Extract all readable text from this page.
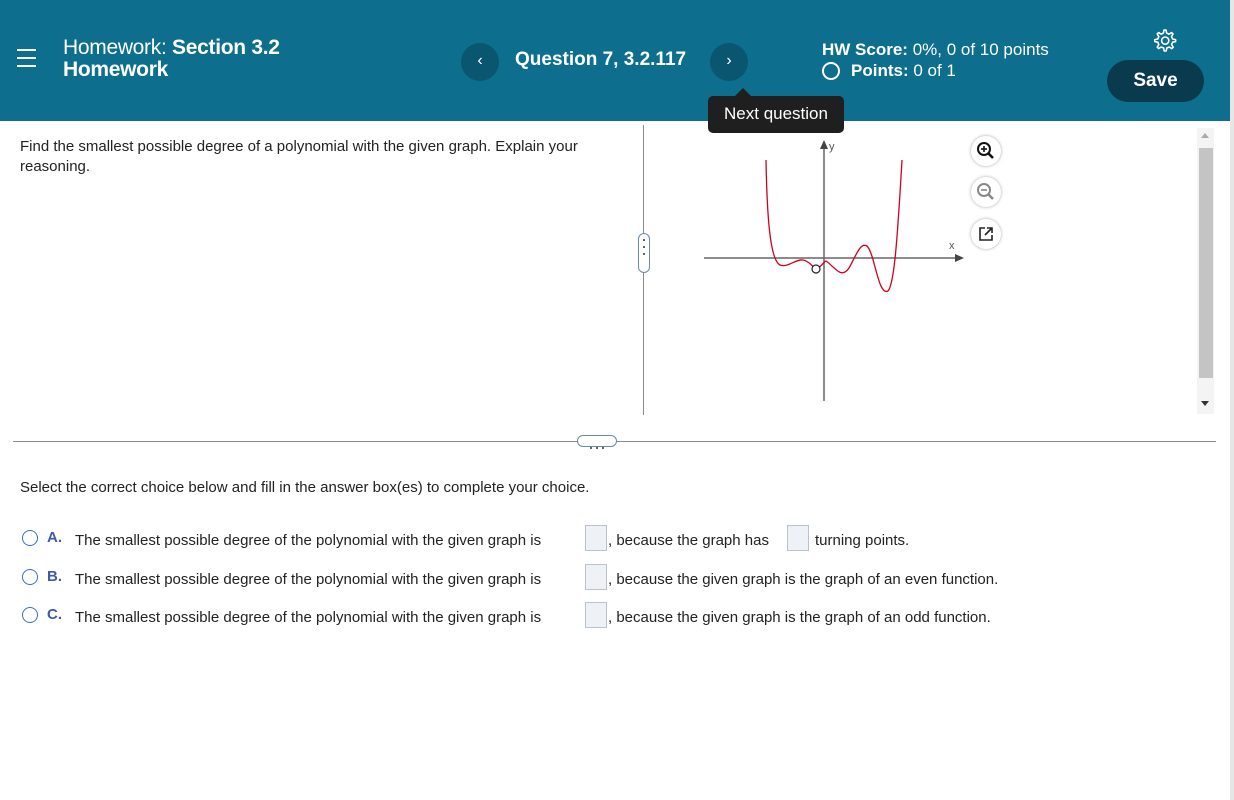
Homework: Section 3.2
Homework	‹	Question 7, 3.2.117	›
HW Score: 0%, 0 of 10 points
Points: 0 of 1	Save
Next question
Find the smallest possible degree of a polynomial with the given graph. Explain your reasoning.
x
y
Select the correct choice below and fill in the answer box(es) to complete your choice.
A. The smallest possible degree of the polynomial with the given graph is	, because the graph has	turning points.
B. The smallest possible degree of the polynomial with the given graph is	, because the given graph is the graph of an even function.
C. The smallest possible degree of the polynomial with the given graph is	, because the given graph is the graph of an odd function.
